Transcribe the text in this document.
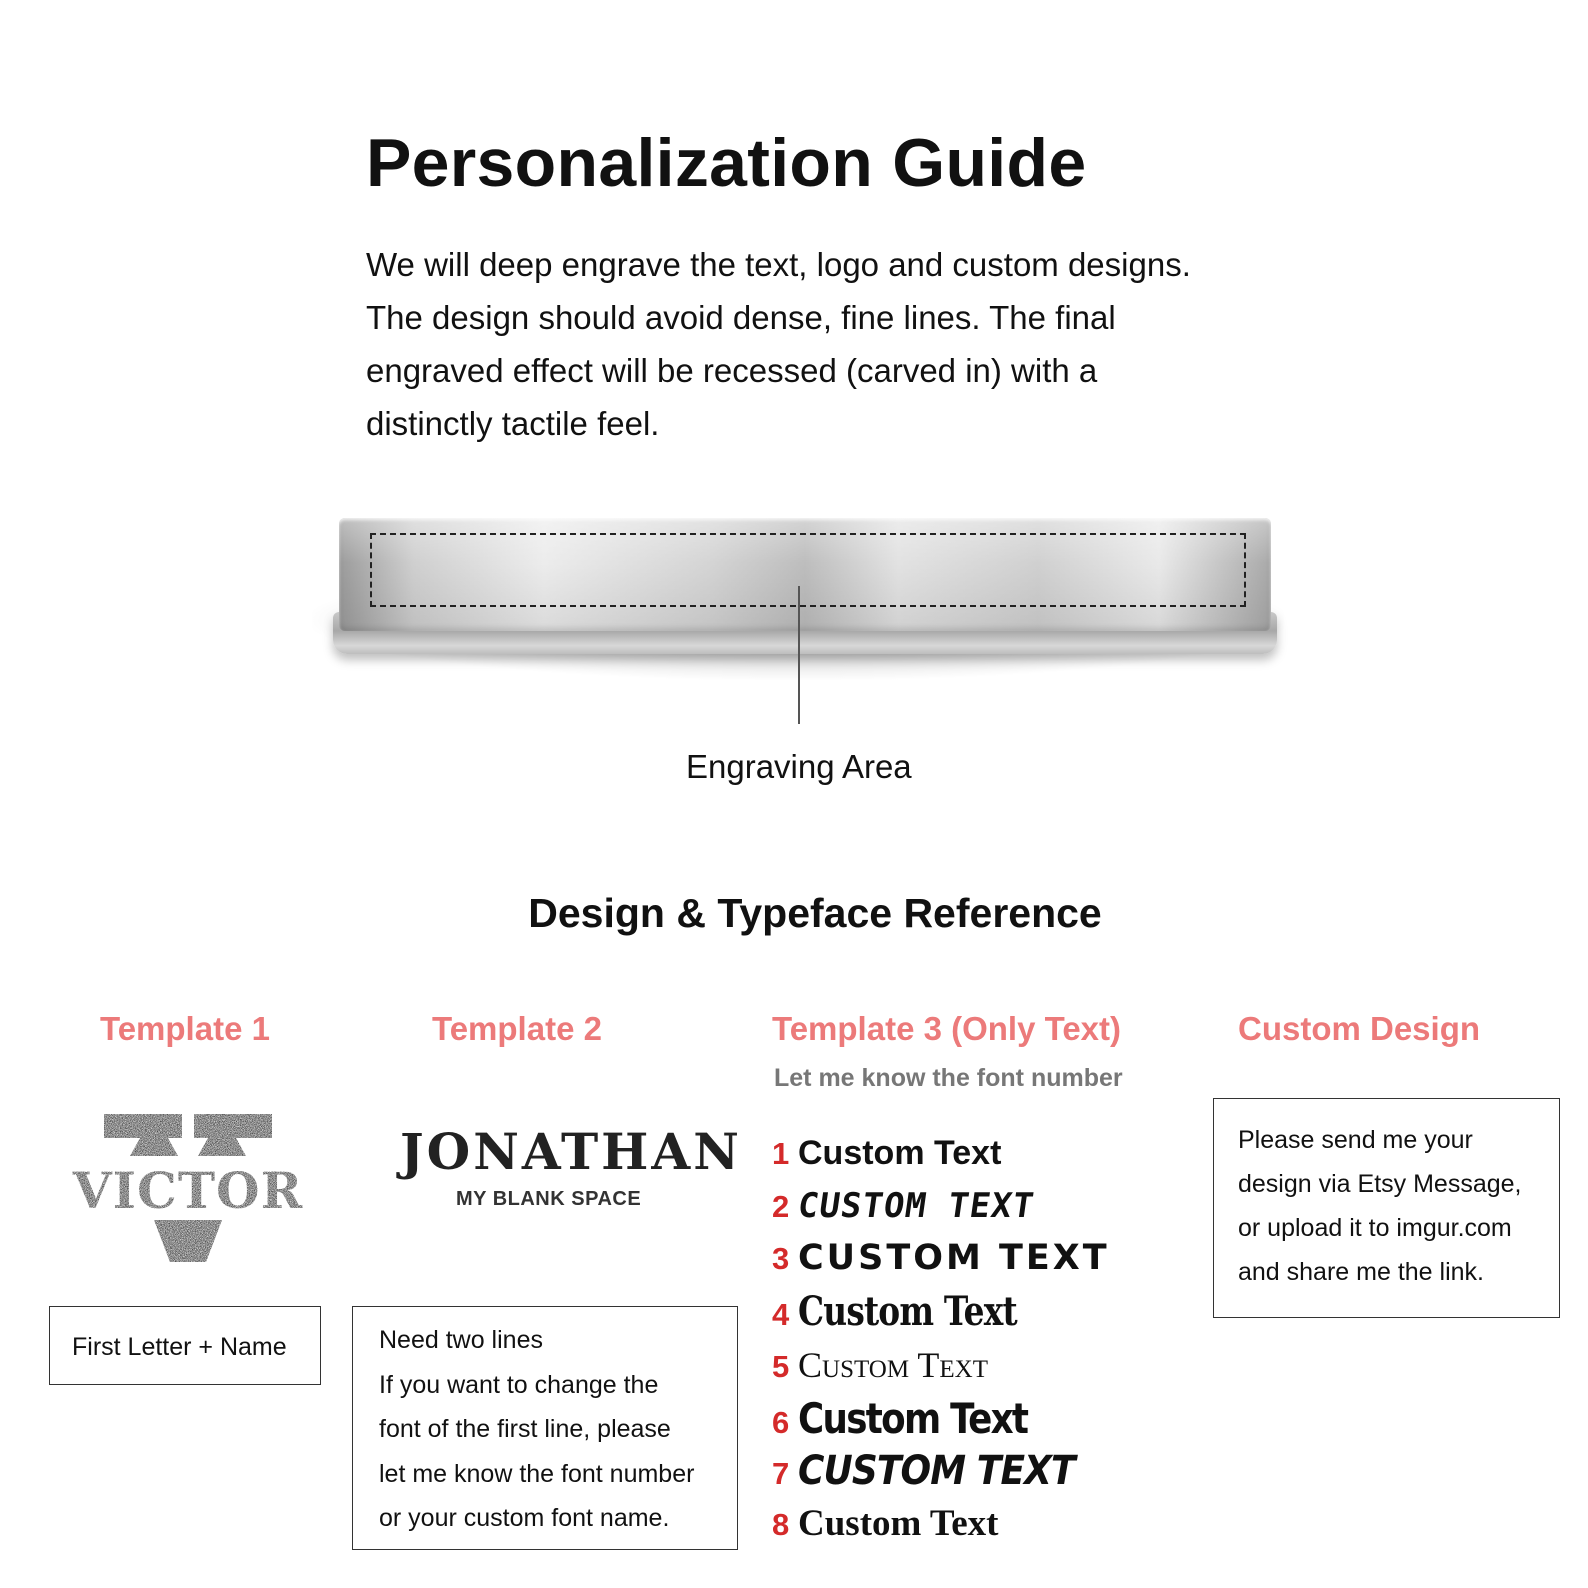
Personalization Guide
We will deep engrave the text, logo and custom designs.
The design should avoid dense, fine lines. The final
engraved effect will be recessed (carved in) with a
distinctly tactile feel.
Engraving Area
Design & Typeface Reference
Template 1
VICTOR
First Letter + Name
Template 2
JONATHAN
MY BLANK SPACE
Need two lines
If you want to change the
font of the first line, please
let me know the font number
or your custom font name.
Template 3 (Only Text)
Let me know the font number
1 Custom Text
2 CUSTOM TEXT
3 CUSTOM TEXT
4 Custom Text
5 Custom Text
6 Custom Text
7 CUSTOM TEXT
8 Custom Text
Custom Design
Please send me your
design via Etsy Message,
or upload it to imgur.com
and share me the link.
